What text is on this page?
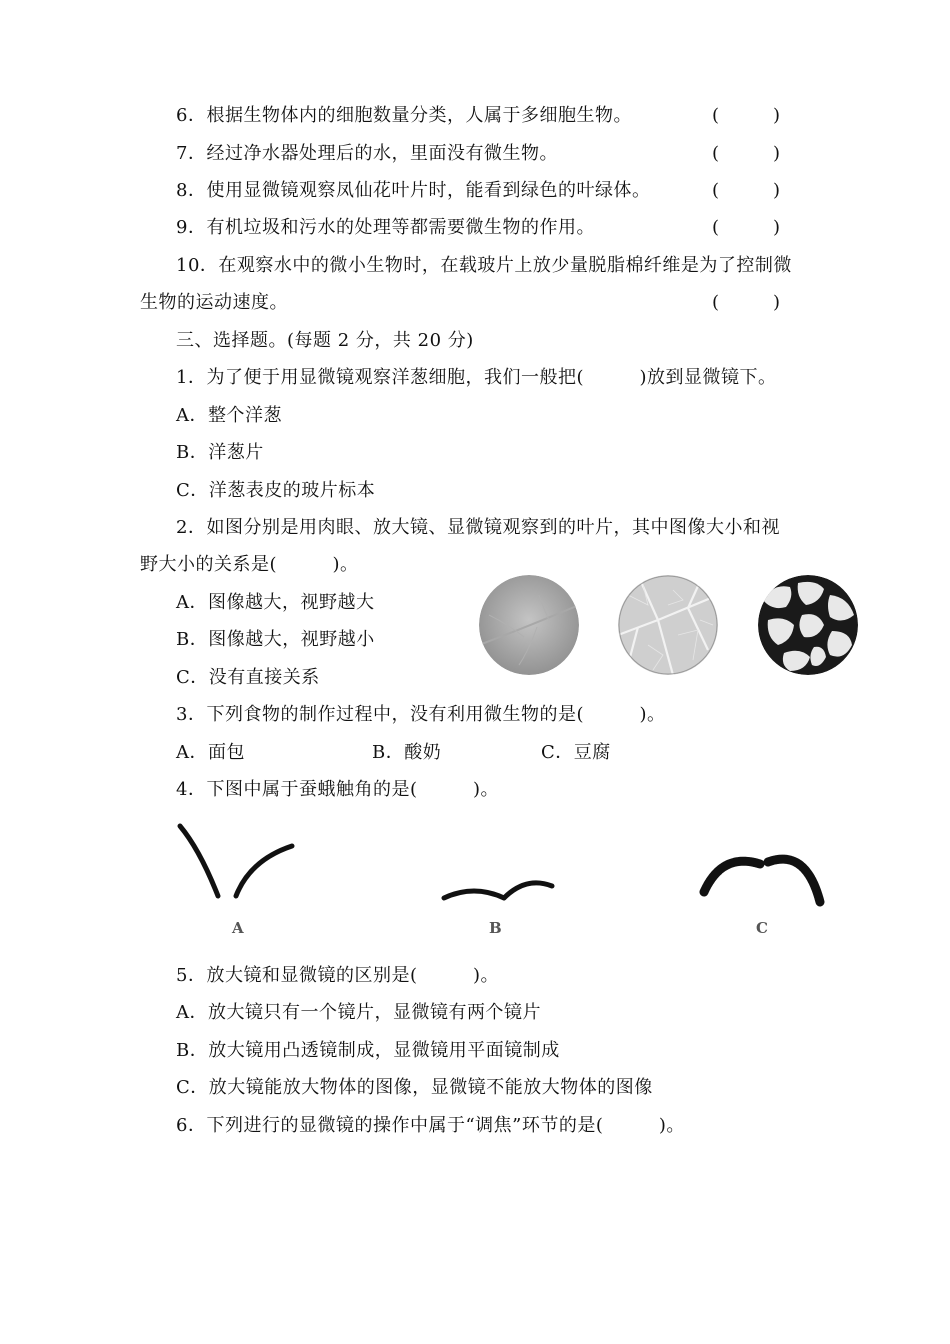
6．根据生物体内的细胞数量分类，人属于多细胞生物。	(　　　)
7．经过净水器处理后的水，里面没有微生物。	(　　　)
8．使用显微镜观察凤仙花叶片时，能看到绿色的叶绿体。	(　　　)
9．有机垃圾和污水的处理等都需要微生物的作用。	(　　　)
10．在观察水中的微小生物时，在载玻片上放少量脱脂棉纤维是为了控制微
生物的运动速度。	(　　　)
三、选择题。(每题 2 分，共 20 分)
1．为了便于用显微镜观察洋葱细胞，我们一般把(　　　)放到显微镜下。
A．整个洋葱
B．洋葱片
C．洋葱表皮的玻片标本
2．如图分别是用肉眼、放大镜、显微镜观察到的叶片，其中图像大小和视
野大小的关系是(　　　)。
A．图像越大，视野越大
B．图像越大，视野越小
C．没有直接关系
3．下列食物的制作过程中，没有利用微生物的是(　　　)。
A．面包	B．酸奶	C．豆腐
4．下图中属于蚕蛾触角的是(　　　)。
A	B	C
5．放大镜和显微镜的区别是(　　　)。
A．放大镜只有一个镜片，显微镜有两个镜片
B．放大镜用凸透镜制成，显微镜用平面镜制成
C．放大镜能放大物体的图像，显微镜不能放大物体的图像
6．下列进行的显微镜的操作中属于“调焦”环节的是(　　　)。
